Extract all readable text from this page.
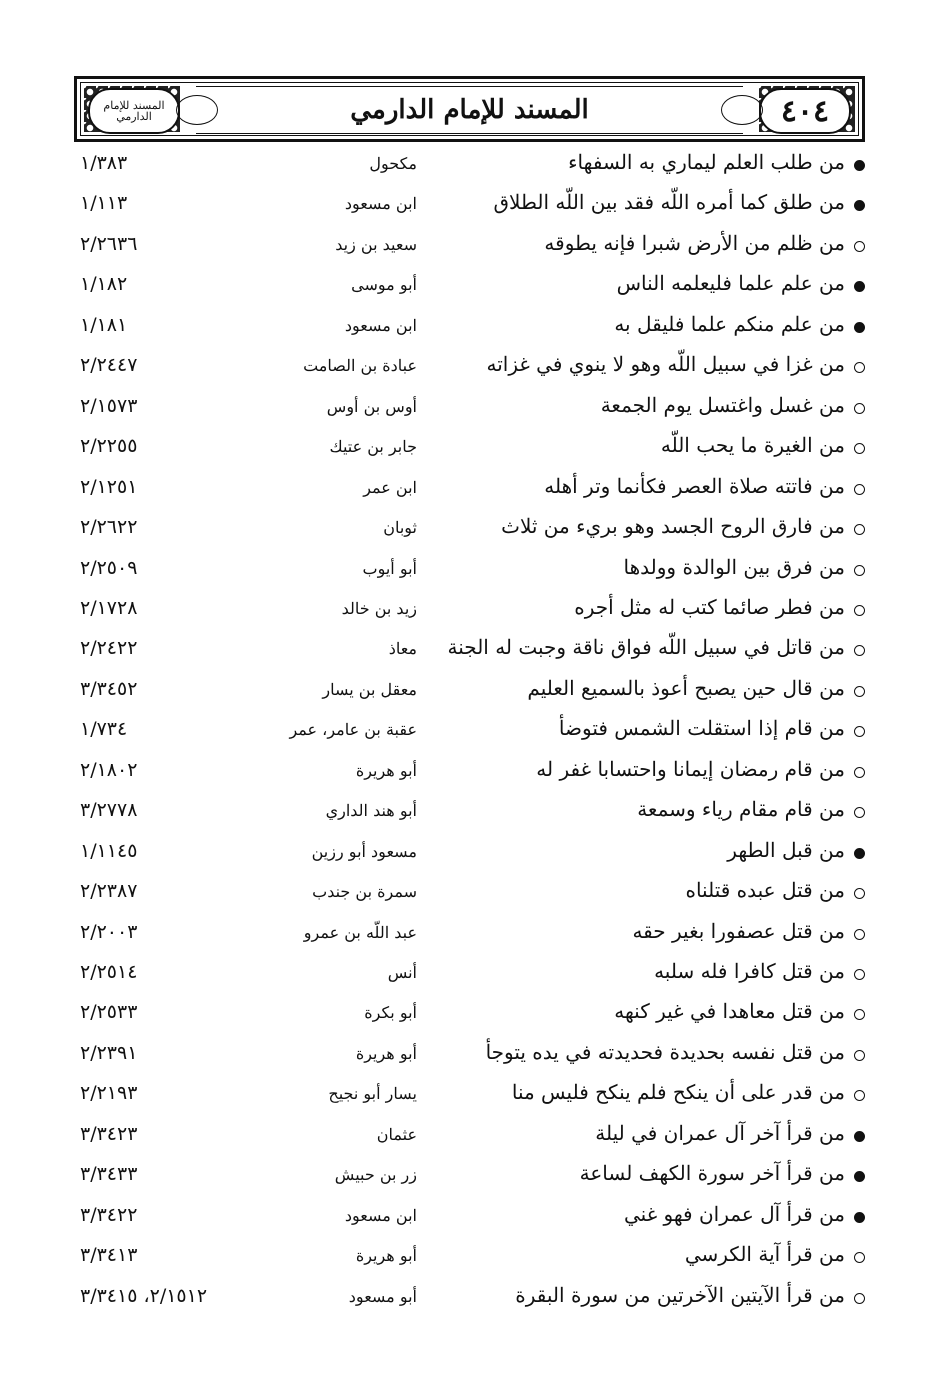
٤٠٤
المسند للإمام الدارمي	المسند للإمام الدارمي
من طلب العلم ليماري به السفهاء
مكحول
١/٣٨٣
من طلق كما أمره اللّه فقد بين اللّه الطلاق
ابن مسعود
١/١١٣
من ظلم من الأرض شبرا فإنه يطوقه
سعيد بن زيد
٢/٢٦٣٦
من علم علما فليعلمه الناس
أبو موسى
١/١٨٢
من علم منكم علما فليقل به
ابن مسعود
١/١٨١
من غزا في سبيل اللّه وهو لا ينوي في غزاته
عبادة بن الصامت
٢/٢٤٤٧
من غسل واغتسل يوم الجمعة
أوس بن أوس
٢/١٥٧٣
من الغيرة ما يحب اللّه
جابر بن عتيك
٢/٢٢٥٥
من فاتته صلاة العصر فكأنما وتر أهله
ابن عمر
٢/١٢٥١
من فارق الروح الجسد وهو بريء من ثلاث
ثوبان
٢/٢٦٢٢
من فرق بين الوالدة وولدها
أبو أيوب
٢/٢٥٠٩
من فطر صائما كتب له مثل أجره
زيد بن خالد
٢/١٧٢٨
من قاتل في سبيل اللّه فواق ناقة وجبت له الجنة
معاذ
٢/٢٤٢٢
من قال حين يصبح أعوذ بالسميع العليم
معقل بن يسار
٣/٣٤٥٢
من قام إذا استقلت الشمس فتوضأ
عقبة بن عامر، عمر
١/٧٣٤
من قام رمضان إيمانا واحتسابا غفر له
أبو هريرة
٢/١٨٠٢
من قام مقام رياء وسمعة
أبو هند الداري
٣/٢٧٧٨
من قبل الطهر
مسعود أبو رزين
١/١١٤٥
من قتل عبده قتلناه
سمرة بن جندب
٢/٢٣٨٧
من قتل عصفورا بغير حقه
عبد اللّه بن عمرو
٢/٢٠٠٣
من قتل كافرا فله سلبه
أنس
٢/٢٥١٤
من قتل معاهدا في غير كنهه
أبو بكرة
٢/٢٥٣٣
من قتل نفسه بحديدة فحديدته في يده يتوجأ
أبو هريرة
٢/٢٣٩١
من قدر على أن ينكح فلم ينكح فليس منا
يسار أبو نجيح
٢/٢١٩٣
من قرأ آخر آل عمران في ليلة
عثمان
٣/٣٤٢٣
من قرأ آخر سورة الكهف لساعة
زر بن حبيش
٣/٣٤٣٣
من قرأ آل عمران فهو غني
ابن مسعود
٣/٣٤٢٢
من قرأ آية الكرسي
أبو هريرة
٣/٣٤١٣
من قرأ الآيتين الآخرتين من سورة البقرة
أبو مسعود
٢/١٥١٢، ٣/٣٤١٥
